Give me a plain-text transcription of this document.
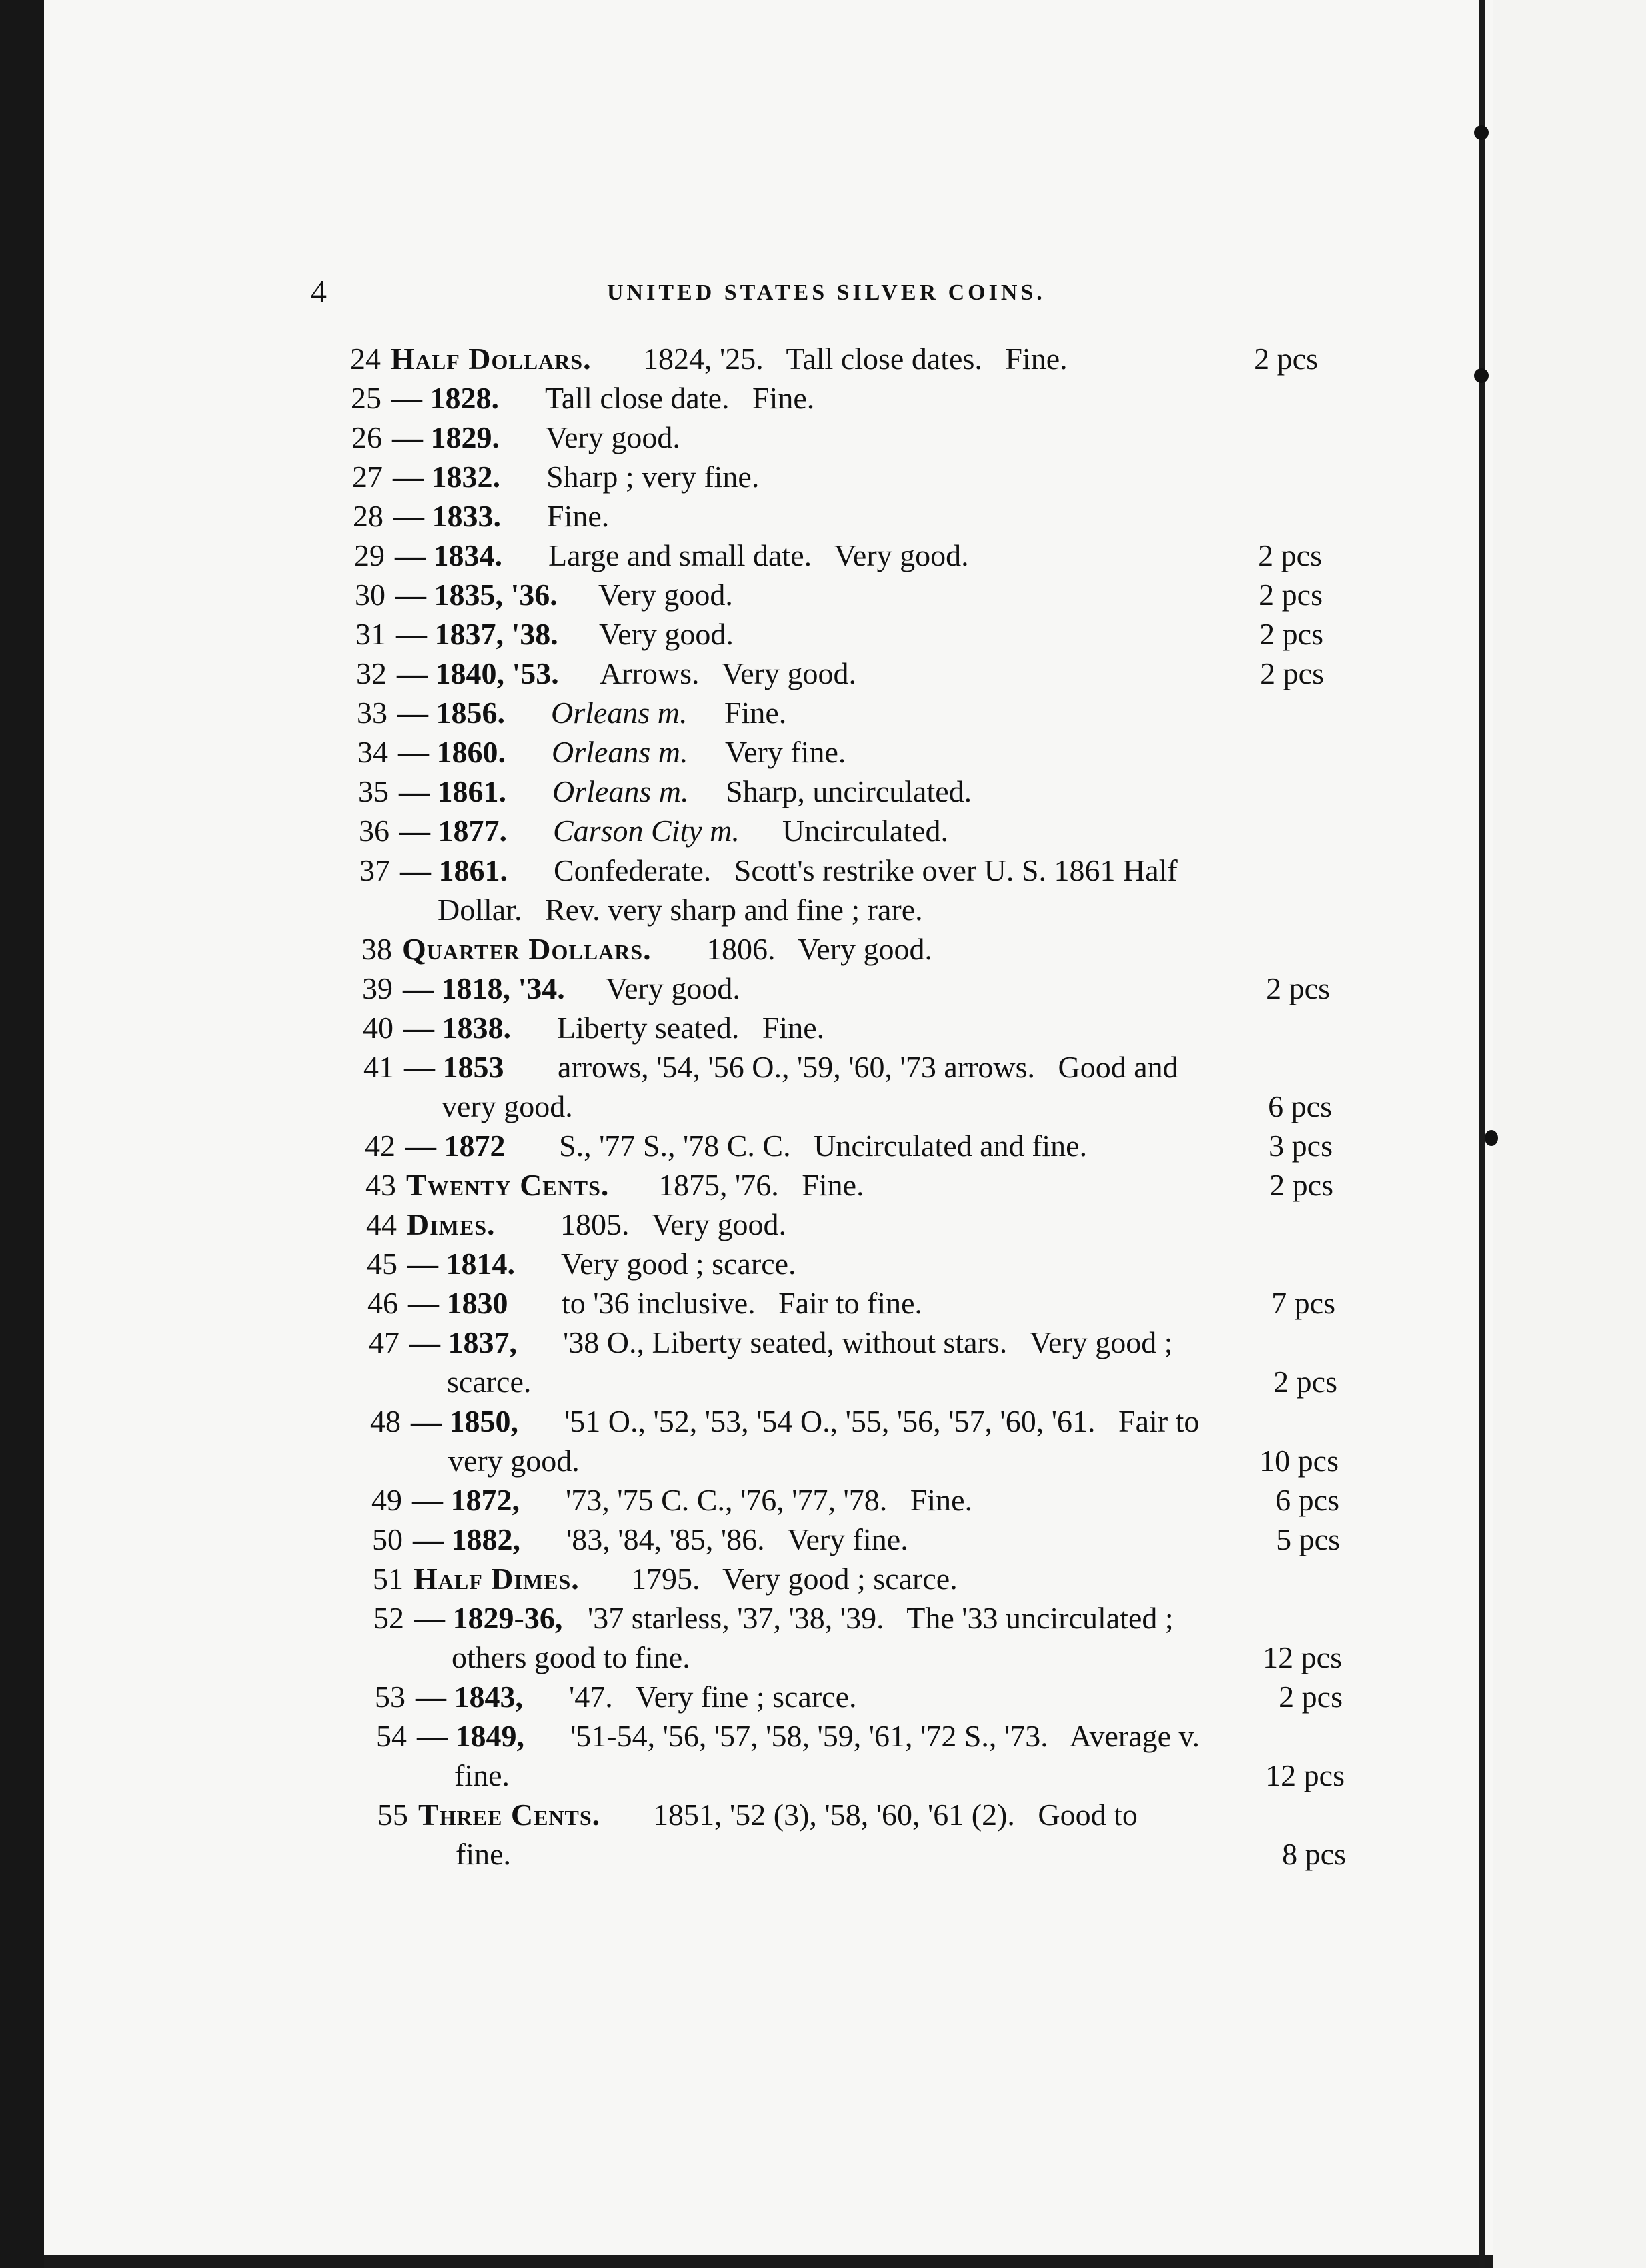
4	UNITED STATES SILVER COINS.
24 Half Dollars. 1824, '25.   Tall close dates.   Fine.	2 pcs
25 — 1828. Tall close date.   Fine.
26 — 1829. Very good.
27 — 1832. Sharp ; very fine.
28 — 1833. Fine.
29 — 1834. Large and small date.   Very good.	2 pcs
30 — 1835, '36. Very good.	2 pcs
31 — 1837, '38. Very good.	2 pcs
32 — 1840, '53. Arrows.   Very good.	2 pcs
33 — 1856. Orleans m. Fine.
34 — 1860. Orleans m. Very fine.
35 — 1861. Orleans m. Sharp, uncirculated.
36 — 1877. Carson City m. Uncirculated.
37 — 1861. Confederate.   Scott's restrike over U. S. 1861 Half
Dollar.   Rev. very sharp and fine ; rare.
38 Quarter Dollars. 1806.   Very good.
39 — 1818, '34. Very good.	2 pcs
40 — 1838. Liberty seated.   Fine.
41 — 1853 arrows, '54, '56 O., '59, '60, '73 arrows.   Good and
very good.	6 pcs
42 — 1872 S., '77 S., '78 C. C.   Uncirculated and fine.	3 pcs
43 Twenty Cents. 1875, '76.   Fine.	2 pcs
44 Dimes. 1805.   Very good.
45 — 1814. Very good ; scarce.
46 — 1830 to '36 inclusive.   Fair to fine.	7 pcs
47 — 1837, '38 O., Liberty seated, without stars.   Very good ;
scarce.	2 pcs
48 — 1850, '51 O., '52, '53, '54 O., '55, '56, '57, '60, '61.   Fair to
very good.	10 pcs
49 — 1872, '73, '75 C. C., '76, '77, '78.   Fine.	6 pcs
50 — 1882, '83, '84, '85, '86.   Very fine.	5 pcs
51 Half Dimes. 1795.   Very good ; scarce.
52 — 1829-36, '37 starless, '37, '38, '39.   The '33 uncirculated ;
others good to fine.	12 pcs
53 — 1843, '47.   Very fine ; scarce.	2 pcs
54 — 1849, '51-54, '56, '57, '58, '59, '61, '72 S., '73.   Average v.
fine.	12 pcs
55 Three Cents. 1851, '52 (3), '58, '60, '61 (2).   Good to
fine.	8 pcs
